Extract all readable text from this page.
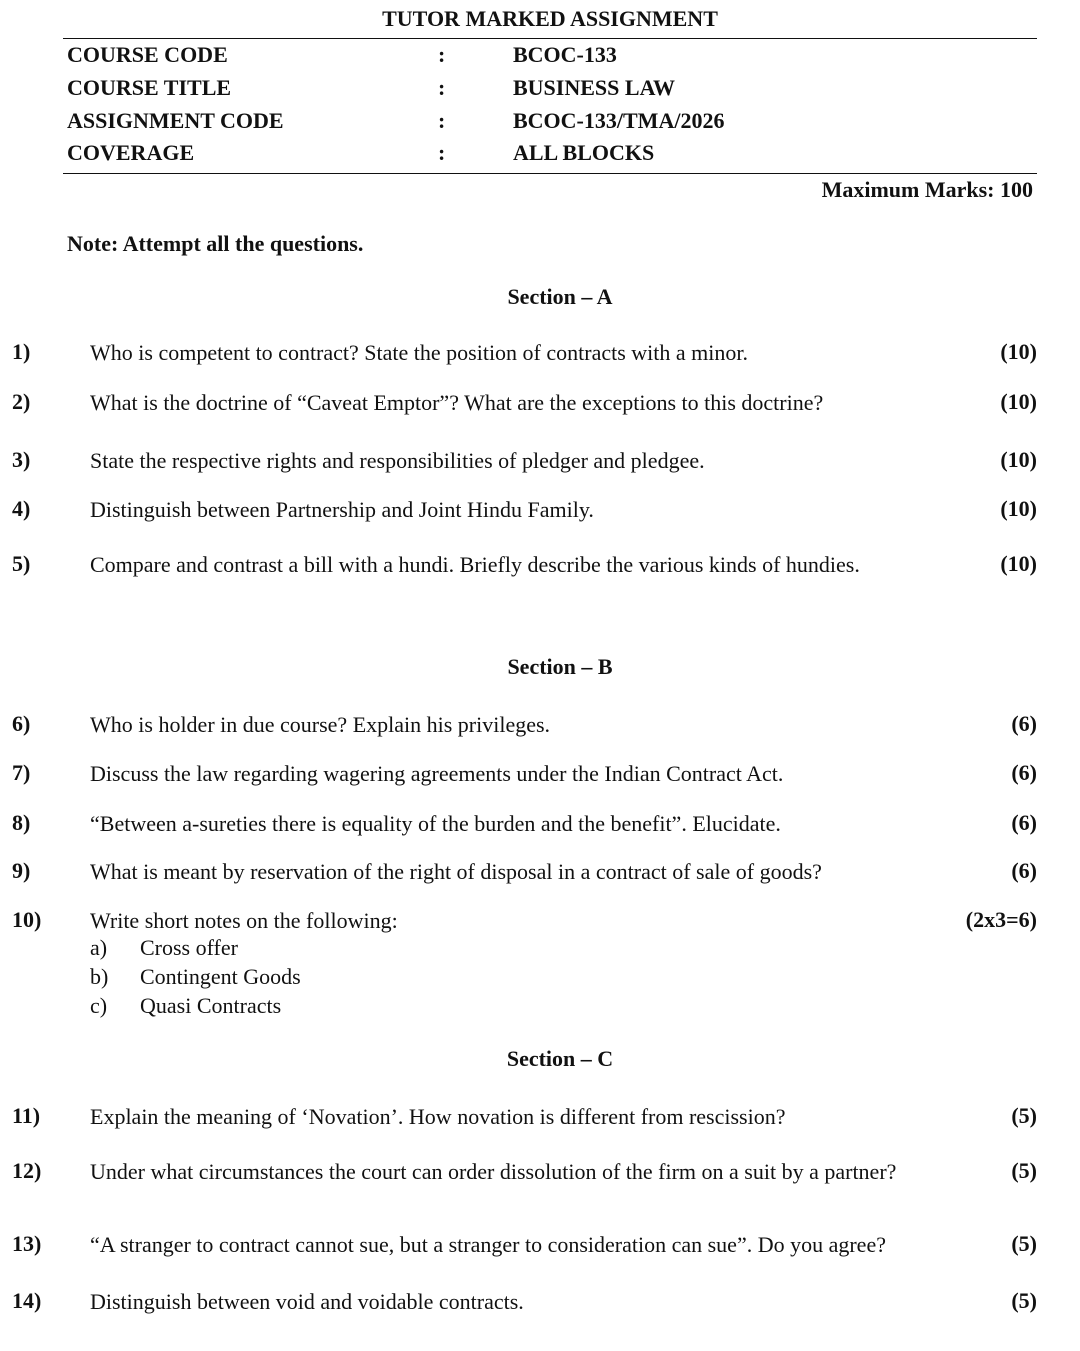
TUTOR MARKED ASSIGNMENT
COURSE CODE	:	BCOC-133
COURSE TITLE	:	BUSINESS LAW
ASSIGNMENT CODE	:	BCOC-133/TMA/2026
COVERAGE	:	ALL BLOCKS
Maximum Marks: 100
Note: Attempt all the questions.
Section – A
1)	Who is competent to contract? State the position of contracts with a minor.	(10)
2)	What is the doctrine of “Caveat Emptor”? What are the exceptions to this doctrine?	(10)
3)	State the respective rights and responsibilities of pledger and pledgee.	(10)
4)	Distinguish between Partnership and Joint Hindu Family.	(10)
5)	Compare and contrast a bill with a hundi. Briefly describe the various kinds of hundies.	(10)
Section – B
6)	Who is holder in due course? Explain his privileges.	(6)
7)	Discuss the law regarding wagering agreements under the Indian Contract Act.	(6)
8)	“Between a-sureties there is equality of the burden and the benefit”. Elucidate.	(6)
9)	What is meant by reservation of the right of disposal in a contract of sale of goods?	(6)
10) Write short notes on the following:	(2x3=6)
a) Cross offer
b) Contingent Goods
c) Quasi Contracts
Section – C
11) Explain the meaning of ‘Novation’. How novation is different from rescission?	(5)
12) Under what circumstances the court can order dissolution of the firm on a suit by a partner?	(5)
13) “A stranger to contract cannot sue, but a stranger to consideration can sue”. Do you agree?	(5)
14) Distinguish between void and voidable contracts.	(5)
